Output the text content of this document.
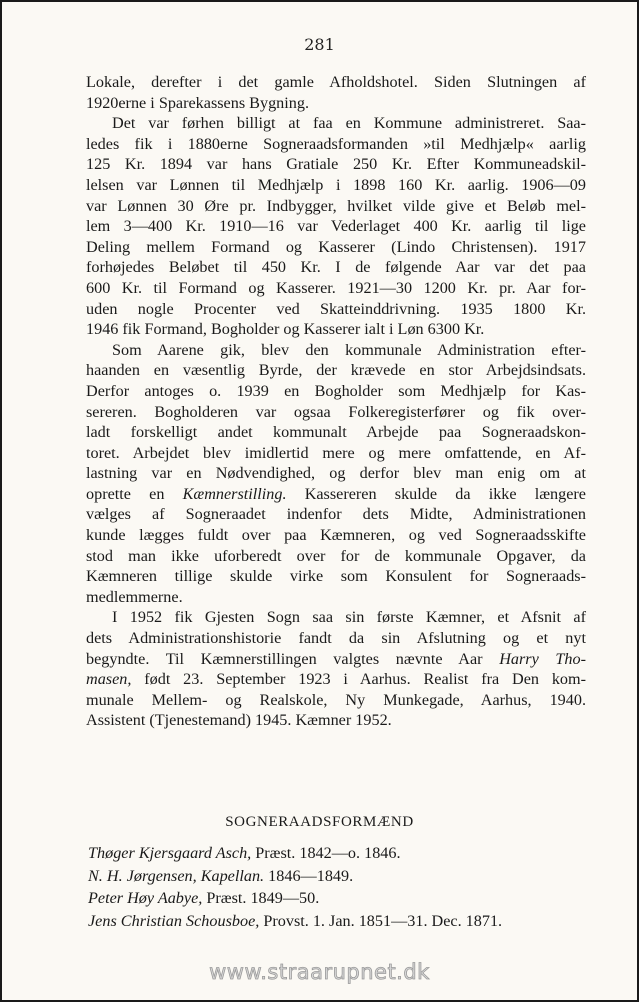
281

Lokale, derefter i det gamle Afholdshotel. Siden Slutningen af
1920erne i Sparekassens Bygning.

Det var førhen billigt at faa en Kommune administreret. Saa-
ledes fik i 1880erne Sogneraadsformanden »til Medhjælp« aarlig
125 Kr. 1894 var hans Gratiale 250 Kr. Efter Kommuneadskil-
lelsen var Lønnen til Medhjælp i 1898 160 Kr. aarlig. 1906—09
var Lønnen 30 Øre pr. Indbygger, hvilket vilde give et Beløb mel-
lem 3—400 Kr. 1910—16 var Vederlaget 400 Kr. aarlig til lige
Deling mellem Formand og Kasserer (Lindo Christensen). 1917
forhøjedes Beløbet til 450 Kr. I de følgende Aar var det paa
600 Kr. til Formand og Kasserer. 1921—30 1200 Kr. pr. Aar for-
uden nogle Procenter ved Skatteinddrivning. 1935 1800 Kr.
1946 fik Formand, Bogholder og Kasserer ialt i Løn 6300 Kr.

Som Aarene gik, blev den kommunale Administration efter-
haanden en væsentlig Byrde, der krævede en stor Arbejdsindsats.
Derfor antoges o. 1939 en Bogholder som Medhjælp for Kas-
sereren. Bogholderen var ogsaa Folkeregisterfører og fik over-
ladt forskelligt andet kommunalt Arbejde paa Sogneraadskon-
toret. Arbejdet blev imidlertid mere og mere omfattende, en Af-
lastning var en Nødvendighed, og derfor blev man enig om at
oprette en Kæmnerstilling. Kassereren skulde da ikke længere
vælges af Sogneraadet indenfor dets Midte, Administrationen
kunde lægges fuldt over paa Kæmneren, og ved Sogneraadsskifte
stod man ikke uforberedt over for de kommunale Opgaver, da
Kæmneren tillige skulde virke som Konsulent for Sogneraads-
medlemmerne.

I 1952 fik Gjesten Sogn saa sin første Kæmner, et Afsnit af
dets Administrationshistorie fandt da sin Afslutning og et nyt
begyndte. Til Kæmnerstillingen valgtes nævnte Aar Harry Tho-
masen, født 23. September 1923 i Aarhus. Realist fra Den kom-
munale Mellem- og Realskole, Ny Munkegade, Aarhus, 1940.
Assistent (Tjenestemand) 1945. Kæmner 1952.

SOGNERAADSFORMÆND
Thøger Kjersgaard Asch, Præst. 1842—o. 1846.
N. H. Jørgensen, Kapellan. 1846—1849.
Peter Høy Aabye, Præst. 1849—50.
Jens Christian Schousboe, Provst. 1. Jan. 1851—31. Dec. 1871.
www.straarupnet.dk
